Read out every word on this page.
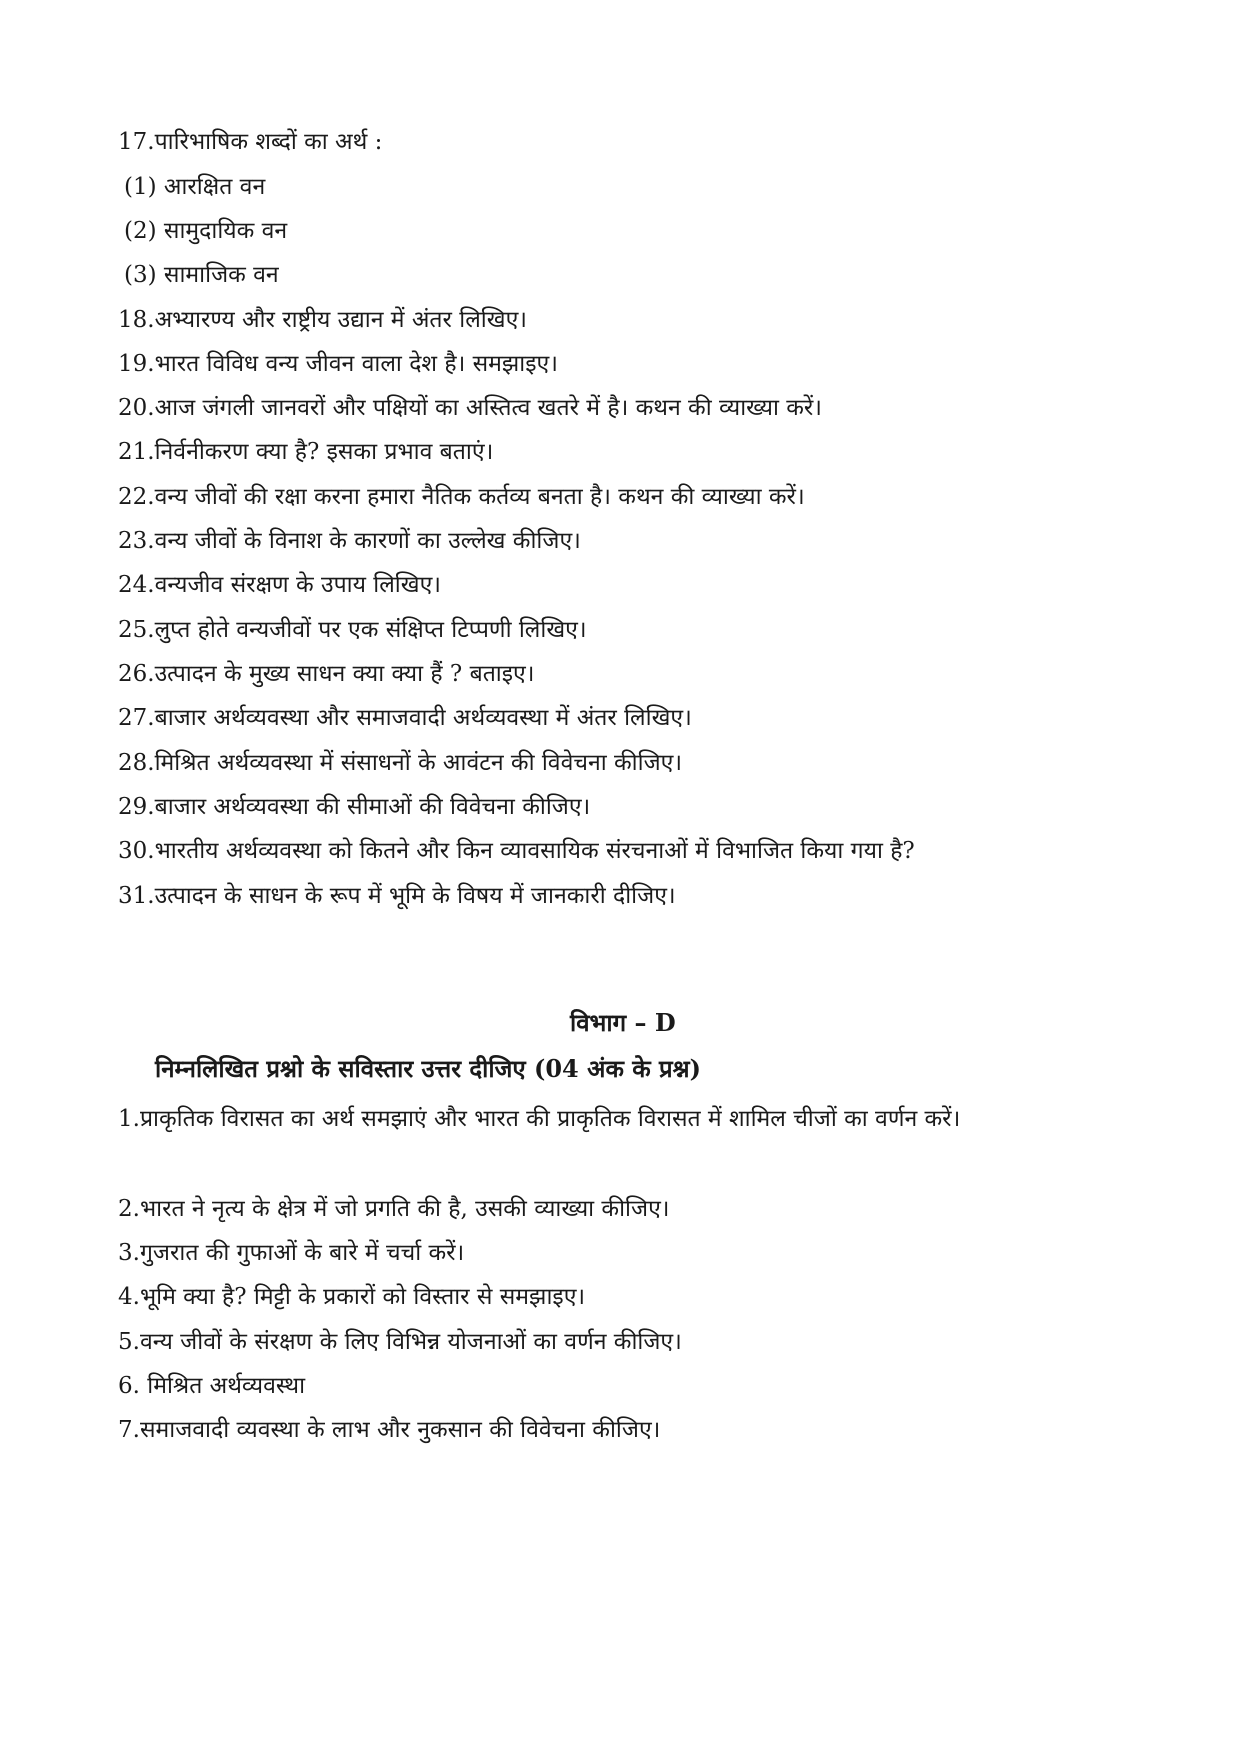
17.पारिभाषिक शब्दों का अर्थ :
(1) आरक्षित वन
(2) सामुदायिक वन
(3) सामाजिक वन
18.अभ्यारण्य और राष्ट्रीय उद्यान में अंतर लिखिए।
19.भारत विविध वन्य जीवन वाला देश है। समझाइए।
20.आज जंगली जानवरों और पक्षियों का अस्तित्व खतरे में है। कथन की व्याख्या करें।
21.निर्वनीकरण क्या है? इसका प्रभाव बताएं।
22.वन्य जीवों की रक्षा करना हमारा नैतिक कर्तव्य बनता है। कथन की व्याख्या करें।
23.वन्य जीवों के विनाश के कारणों का उल्लेख कीजिए।
24.वन्यजीव संरक्षण के उपाय लिखिए।
25.लुप्त होते वन्यजीवों पर एक संक्षिप्त टिप्पणी लिखिए।
26.उत्पादन के मुख्य साधन क्या क्या हैं ? बताइए।
27.बाजार अर्थव्यवस्था और समाजवादी अर्थव्यवस्था में अंतर लिखिए।
28.मिश्रित अर्थव्यवस्था में संसाधनों के आवंटन की विवेचना कीजिए।
29.बाजार अर्थव्यवस्था की सीमाओं की विवेचना कीजिए।
30.भारतीय अर्थव्यवस्था को कितने और किन व्यावसायिक संरचनाओं में विभाजित किया गया है?
31.उत्पादन के साधन के रूप में भूमि के विषय में जानकारी दीजिए।
विभाग – D
निम्नलिखित प्रश्नो के सविस्तार उत्तर दीजिए (04 अंक के प्रश्न)
1.प्राकृतिक विरासत का अर्थ समझाएं और भारत की प्राकृतिक विरासत में शामिल चीजों का वर्णन करें।
2.भारत ने नृत्य के क्षेत्र में जो प्रगति की है, उसकी व्याख्या कीजिए।
3.गुजरात की गुफाओं के बारे में चर्चा करें।
4.भूमि क्या है? मिट्टी के प्रकारों को विस्तार से समझाइए।
5.वन्य जीवों के संरक्षण के लिए विभिन्न योजनाओं का वर्णन कीजिए।
6. मिश्रित अर्थव्यवस्था
7.समाजवादी व्यवस्था के लाभ और नुकसान की विवेचना कीजिए।
